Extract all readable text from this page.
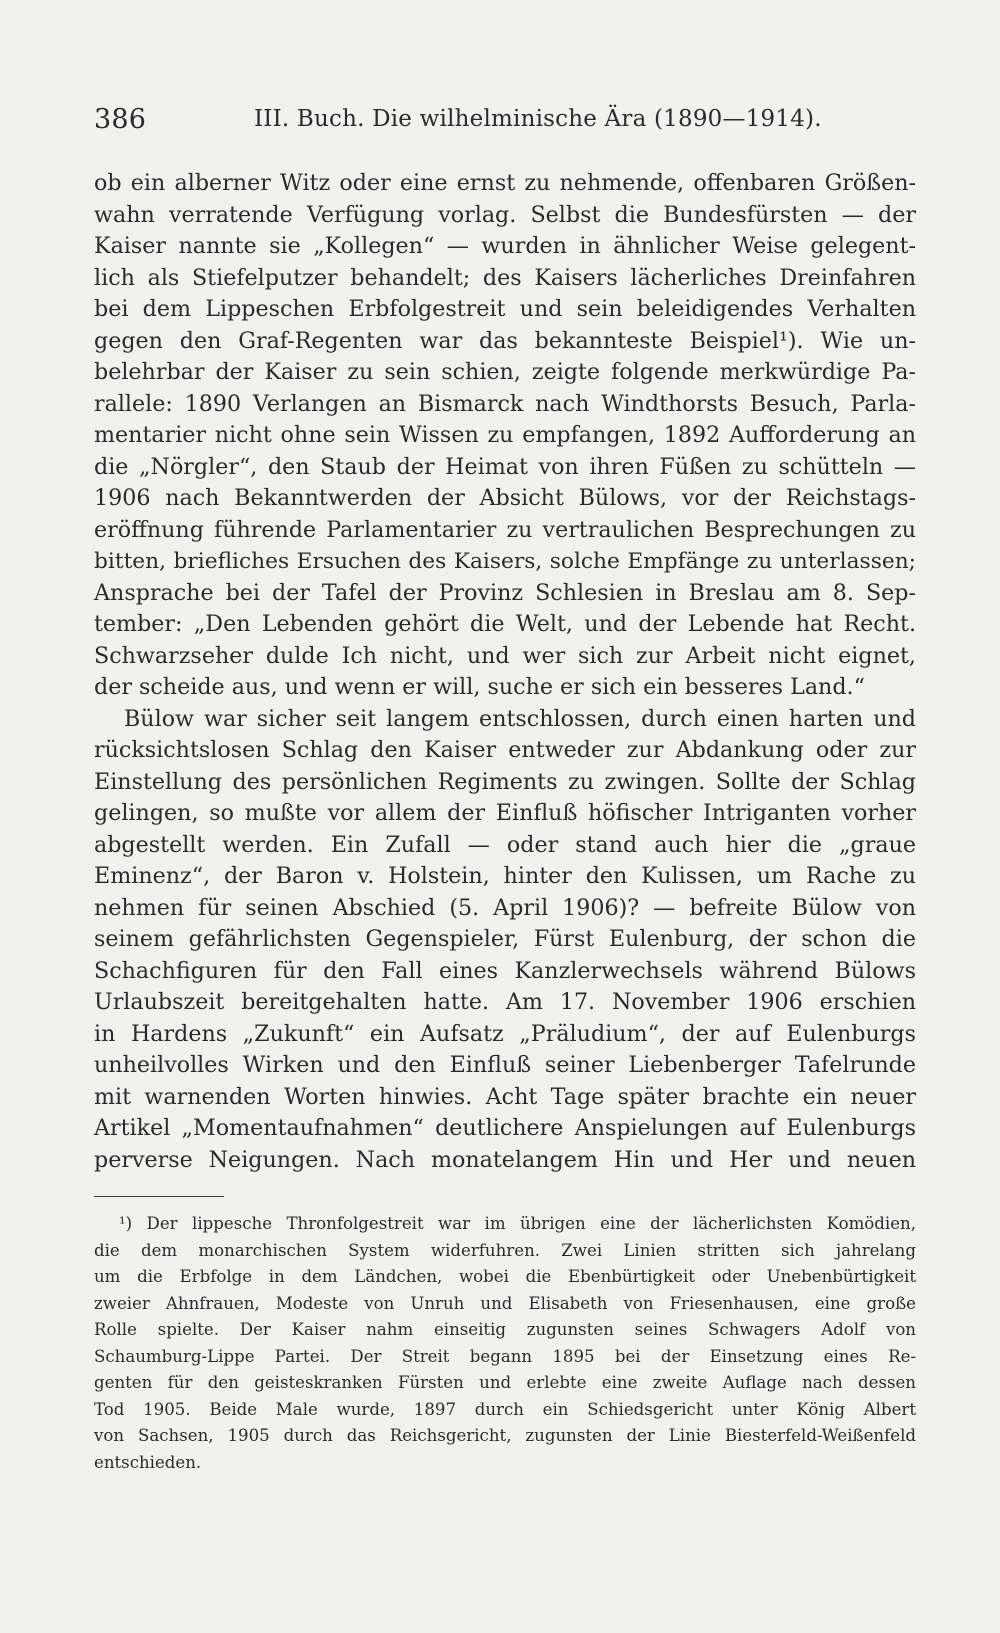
386	III. Buch. Die wilhelminische Ära (1890—1914).
ob ein alberner Witz oder eine ernst zu nehmende, offenbaren Größen-
wahn verratende Verfügung vorlag. Selbst die Bundesfürsten — der
Kaiser nannte sie „Kollegen“ — wurden in ähnlicher Weise gelegent-
lich als Stiefelputzer behandelt; des Kaisers lächerliches Dreinfahren
bei dem Lippeschen Erbfolgestreit und sein beleidigendes Verhalten
gegen den Graf-Regenten war das bekannteste Beispiel¹). Wie un-
belehrbar der Kaiser zu sein schien, zeigte folgende merkwürdige Pa-
rallele: 1890 Verlangen an Bismarck nach Windthorsts Besuch, Parla-
mentarier nicht ohne sein Wissen zu empfangen, 1892 Aufforderung an
die „Nörgler“, den Staub der Heimat von ihren Füßen zu schütteln —
1906 nach Bekanntwerden der Absicht Bülows, vor der Reichstags-
eröffnung führende Parlamentarier zu vertraulichen Besprechungen zu
bitten, briefliches Ersuchen des Kaisers, solche Empfänge zu unterlassen;
Ansprache bei der Tafel der Provinz Schlesien in Breslau am 8. Sep-
tember: „Den Lebenden gehört die Welt, und der Lebende hat Recht.
Schwarzseher dulde Ich nicht, und wer sich zur Arbeit nicht eignet,
der scheide aus, und wenn er will, suche er sich ein besseres Land.“
Bülow war sicher seit langem entschlossen, durch einen harten und
rücksichtslosen Schlag den Kaiser entweder zur Abdankung oder zur
Einstellung des persönlichen Regiments zu zwingen. Sollte der Schlag
gelingen, so mußte vor allem der Einfluß höfischer Intriganten vorher
abgestellt werden. Ein Zufall — oder stand auch hier die „graue
Eminenz“, der Baron v. Holstein, hinter den Kulissen, um Rache zu
nehmen für seinen Abschied (5. April 1906)? — befreite Bülow von
seinem gefährlichsten Gegenspieler, Fürst Eulenburg, der schon die
Schachfiguren für den Fall eines Kanzlerwechsels während Bülows
Urlaubszeit bereitgehalten hatte. Am 17. November 1906 erschien
in Hardens „Zukunft“ ein Aufsatz „Präludium“, der auf Eulenburgs
unheilvolles Wirken und den Einfluß seiner Liebenberger Tafelrunde
mit warnenden Worten hinwies. Acht Tage später brachte ein neuer
Artikel „Momentaufnahmen“ deutlichere Anspielungen auf Eulenburgs
perverse Neigungen. Nach monatelangem Hin und Her und neuen
¹) Der lippesche Thronfolgestreit war im übrigen eine der lächerlichsten Komödien,
die dem monarchischen System widerfuhren. Zwei Linien stritten sich jahrelang
um die Erbfolge in dem Ländchen, wobei die Ebenbürtigkeit oder Unebenbürtigkeit
zweier Ahnfrauen, Modeste von Unruh und Elisabeth von Friesenhausen, eine große
Rolle spielte. Der Kaiser nahm einseitig zugunsten seines Schwagers Adolf von
Schaumburg-Lippe Partei. Der Streit begann 1895 bei der Einsetzung eines Re-
genten für den geisteskranken Fürsten und erlebte eine zweite Auflage nach dessen
Tod 1905. Beide Male wurde, 1897 durch ein Schiedsgericht unter König Albert
von Sachsen, 1905 durch das Reichsgericht, zugunsten der Linie Biesterfeld-Weißenfeld
entschieden.
